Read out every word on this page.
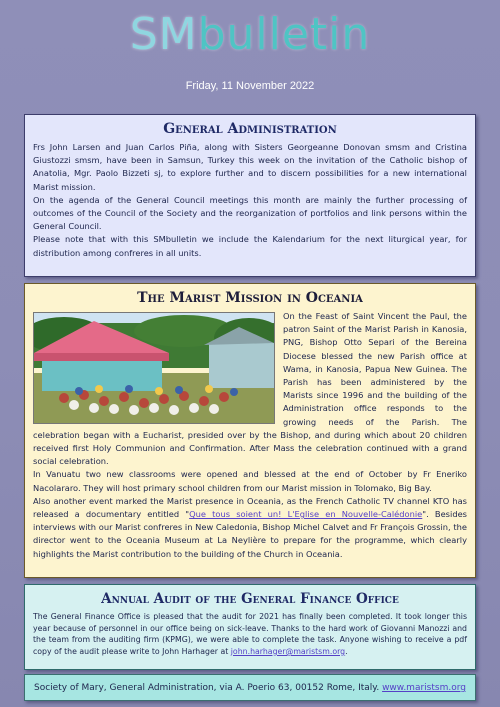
SMbulletin
Friday, 11 November 2022
General Administration

Frs John Larsen and Juan Carlos Piña, along with Sisters Georgeanne Donovan smsm and Cristina Giustozzi smsm, have been in Samsun, Turkey this week on the invitation of the Catholic bishop of Anatolia, Mgr. Paolo Bizzeti sj, to explore further and to discern possibilities for a new international Marist mission.

On the agenda of the General Council meetings this month are mainly the further processing of outcomes of the Council of the Society and the reorganization of portfolios and link persons within the General Council.

Please note that with this SMbulletin we include the Kalendarium for the next liturgical year, for distribution among confreres in all units.

The Marist Mission in Oceania

On the Feast of Saint Vincent the Paul, the patron Saint of the Marist Parish in Kanosia, PNG, Bishop Otto Separi of the Bereina Diocese blessed the new Parish office at Wama, in Kanosia, Papua New Guinea. The Parish has been administered by the Marists since 1996 and the building of the Administration office responds to the growing needs of the Parish. The celebration began with a Eucharist, presided over by the Bishop, and during which about 20 children received first Holy Communion and Confirmation. After Mass the celebration continued with a grand social celebration.

In Vanuatu two new classrooms were opened and blessed at the end of October by Fr Eneriko Nacolararo. They will host primary school children from our Marist mission in Tolomako, Big Bay.

Also another event marked the Marist presence in Oceania, as the French Catholic TV channel KTO has released a documentary entitled "Que tous soient un! L'Eglise en Nouvelle-Calédonie". Besides interviews with our Marist confreres in New Caledonia, Bishop Michel Calvet and Fr François Grossin, the director went to the Oceania Museum at La Neylière to prepare for the programme, which clearly highlights the Marist contribution to the building of the Church in Oceania.

Annual Audit of the General Finance Office

The General Finance Office is pleased that the audit for 2021 has finally been completed. It took longer this year because of personnel in our office being on sick-leave. Thanks to the hard work of Giovanni Manozzi and the team from the auditing firm (KPMG), we were able to complete the task. Anyone wishing to receive a pdf copy of the audit please write to John Harhager at john.harhager@maristsm.org.

Society of Mary, General Administration, via A. Poerio 63, 00152 Rome, Italy. www.maristsm.org
